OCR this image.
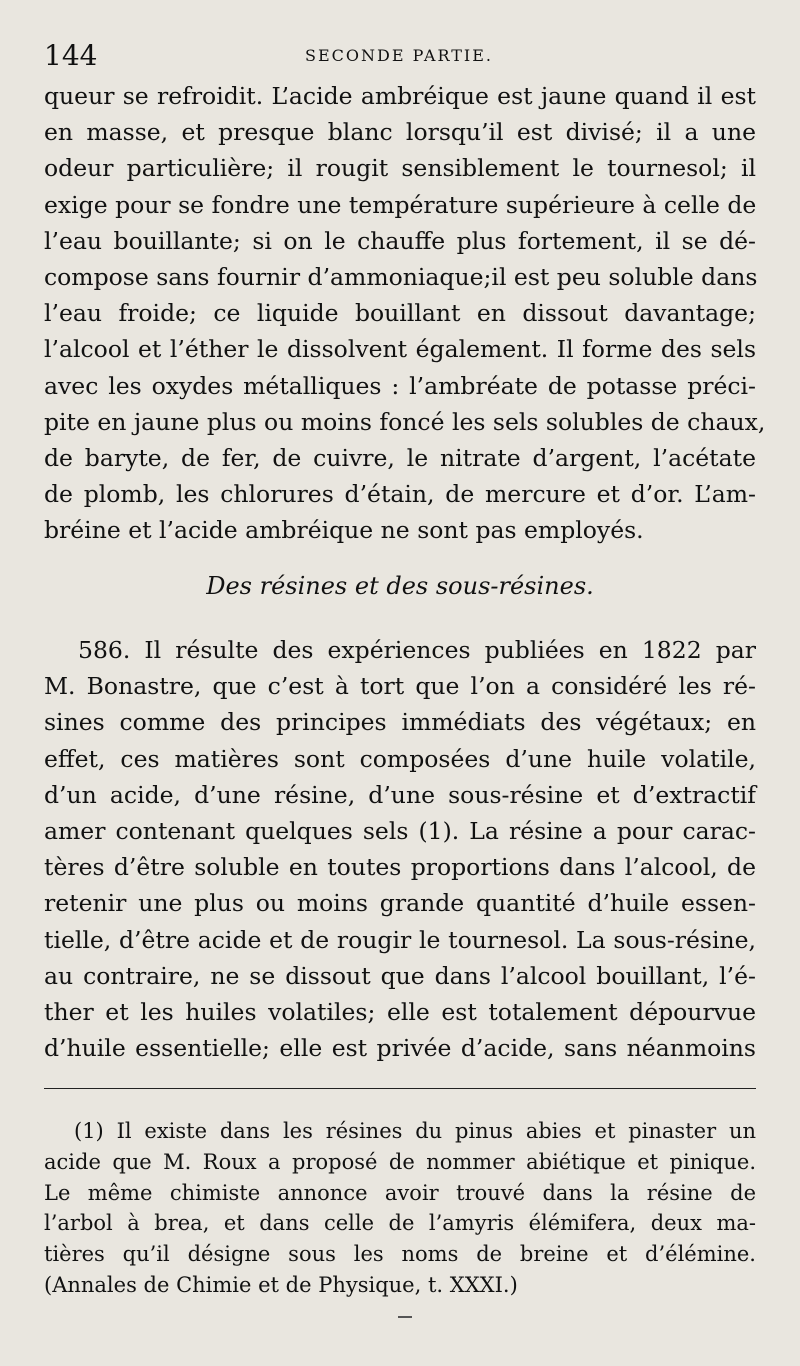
144	SECONDE PARTIE.
queur se refroidit. L’acide ambréique est jaune quand il est
en masse, et presque blanc lorsqu’il est divisé; il a une
odeur particulière; il rougit sensiblement le tournesol; il
exige pour se fondre une température supérieure à celle de
l’eau bouillante; si on le chauffe plus fortement, il se dé-
compose sans fournir d’ammoniaque;il est peu soluble dans
l’eau froide; ce liquide bouillant en dissout davantage;
l’alcool et l’éther le dissolvent également. Il forme des sels
avec les oxydes métalliques : l’ambréate de potasse préci-
pite en jaune plus ou moins foncé les sels solubles de chaux,
de baryte, de fer, de cuivre, le nitrate d’argent, l’acétate
de plomb, les chlorures d’étain, de mercure et d’or. L’am-
bréine et l’acide ambréique ne sont pas employés.
Des résines et des sous-résines.
586. Il résulte des expériences publiées en 1822 par
M. Bonastre, que c’est à tort que l’on a considéré les ré-
sines comme des principes immédiats des végétaux; en
effet, ces matières sont composées d’une huile volatile,
d’un acide, d’une résine, d’une sous-résine et d’extractif
amer contenant quelques sels (1). La résine a pour carac-
tères d’être soluble en toutes proportions dans l’alcool, de
retenir une plus ou moins grande quantité d’huile essen-
tielle, d’être acide et de rougir le tournesol. La sous-résine,
au contraire, ne se dissout que dans l’alcool bouillant, l’é-
ther et les huiles volatiles; elle est totalement dépourvue
d’huile essentielle; elle est privée d’acide, sans néanmoins
(1) Il existe dans les résines du pinus abies et pinaster un
acide que M. Roux a proposé de nommer abiétique et pinique.
Le même chimiste annonce avoir trouvé dans la résine de
l’arbol à brea, et dans celle de l’amyris élémifera, deux ma-
tières qu’il désigne sous les noms de breine et d’élémine.
(Annales de Chimie et de Physique, t. XXXI.)
